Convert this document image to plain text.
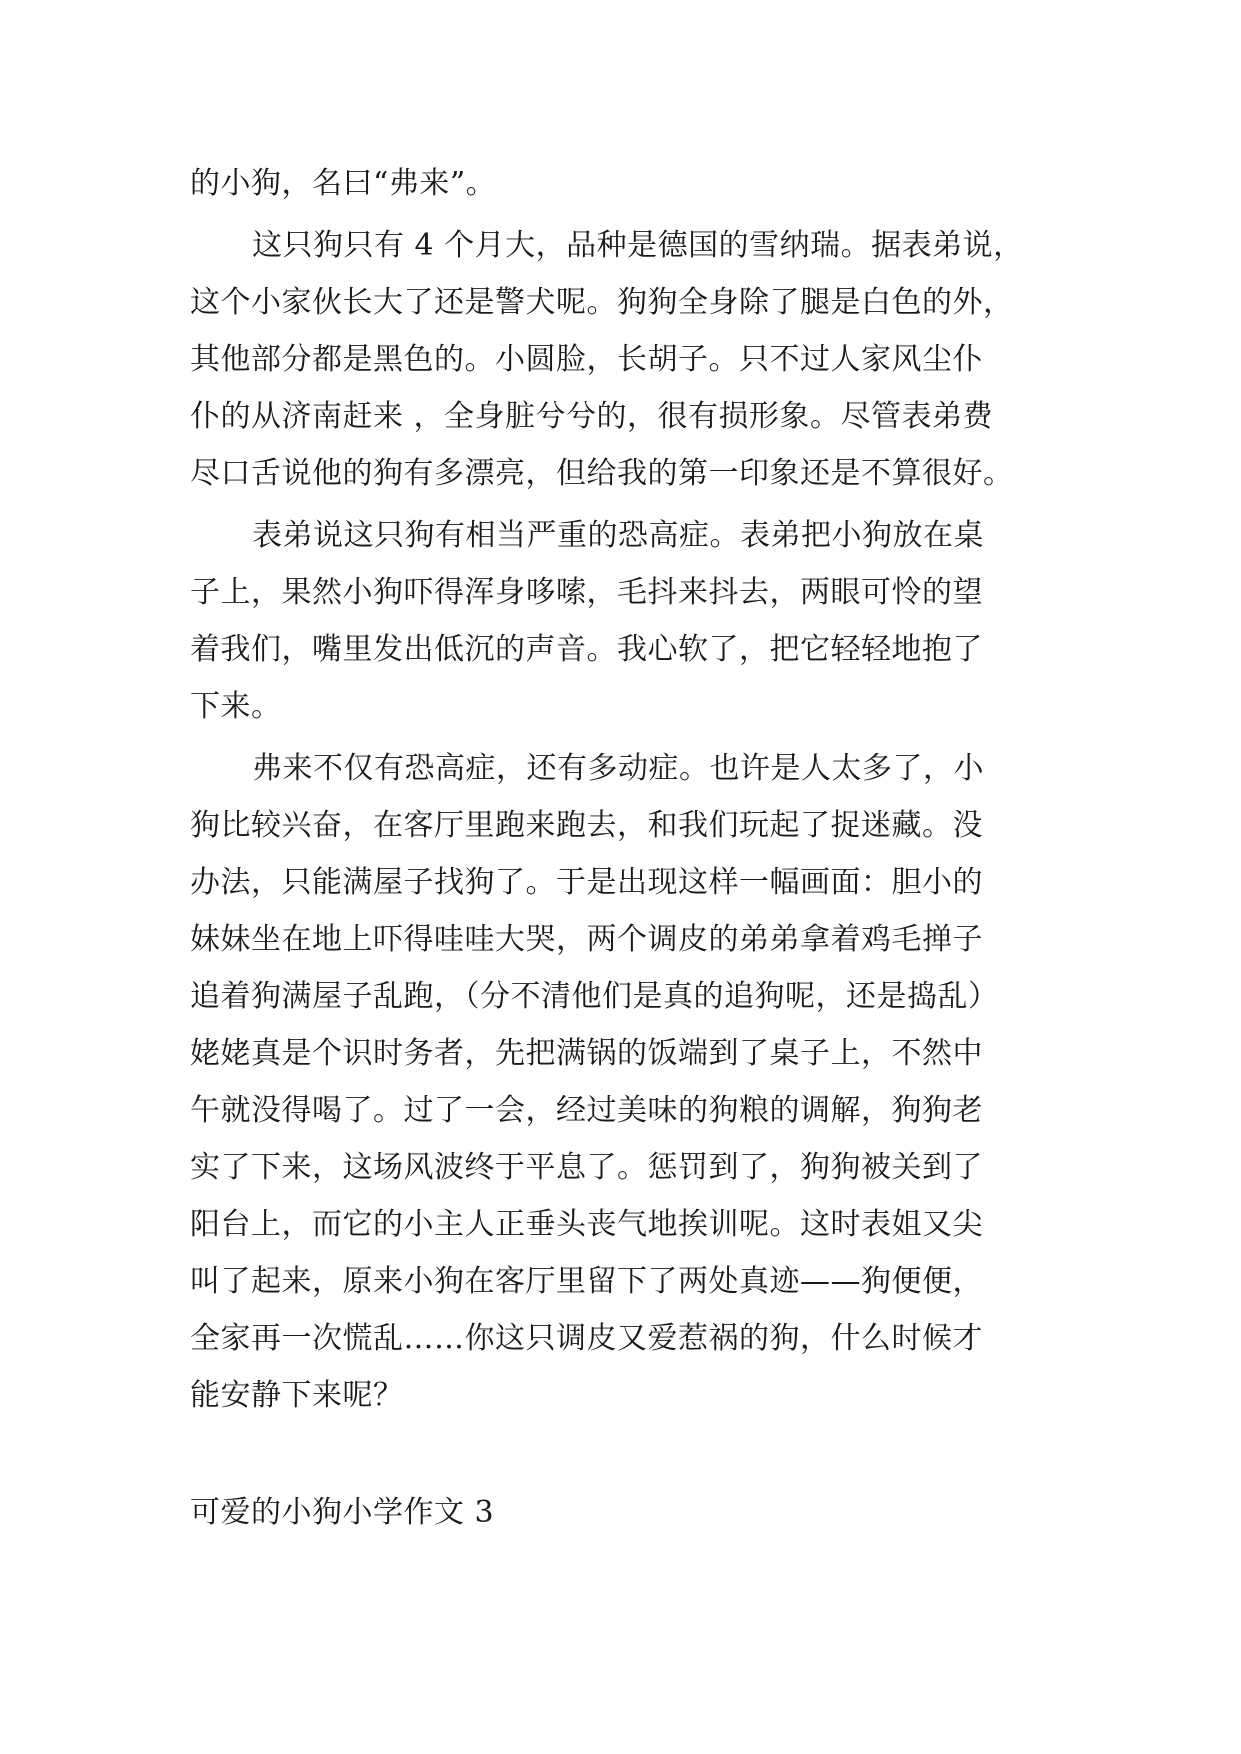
的小狗，名曰“弗来”。
这只狗只有 4 个月大，品种是德国的雪纳瑞。据表弟说，
这个小家伙长大了还是警犬呢。狗狗全身除了腿是白色的外，
其他部分都是黑色的。小圆脸，长胡子。只不过人家风尘仆
仆的从济南赶来 ，全身脏兮兮的，很有损形象。尽管表弟费
尽口舌说他的狗有多漂亮，但给我的第一印象还是不算很好。
表弟说这只狗有相当严重的恐高症。表弟把小狗放在桌
子上，果然小狗吓得浑身哆嗦，毛抖来抖去，两眼可怜的望
着我们，嘴里发出低沉的声音。我心软了，把它轻轻地抱了
下来。
弗来不仅有恐高症，还有多动症。也许是人太多了，小
狗比较兴奋，在客厅里跑来跑去，和我们玩起了捉迷藏。没
办法，只能满屋子找狗了。于是出现这样一幅画面：胆小的
妹妹坐在地上吓得哇哇大哭，两个调皮的弟弟拿着鸡毛掸子
追着狗满屋子乱跑，（分不清他们是真的追狗呢，还是捣乱）
姥姥真是个识时务者，先把满锅的饭端到了桌子上，不然中
午就没得喝了。过了一会，经过美味的狗粮的调解，狗狗老
实了下来，这场风波终于平息了。惩罚到了，狗狗被关到了
阳台上，而它的小主人正垂头丧气地挨训呢。这时表姐又尖
叫了起来，原来小狗在客厅里留下了两处真迹——狗便便，
全家再一次慌乱……你这只调皮又爱惹祸的狗，什么时候才
能安静下来呢？
可爱的小狗小学作文 3
